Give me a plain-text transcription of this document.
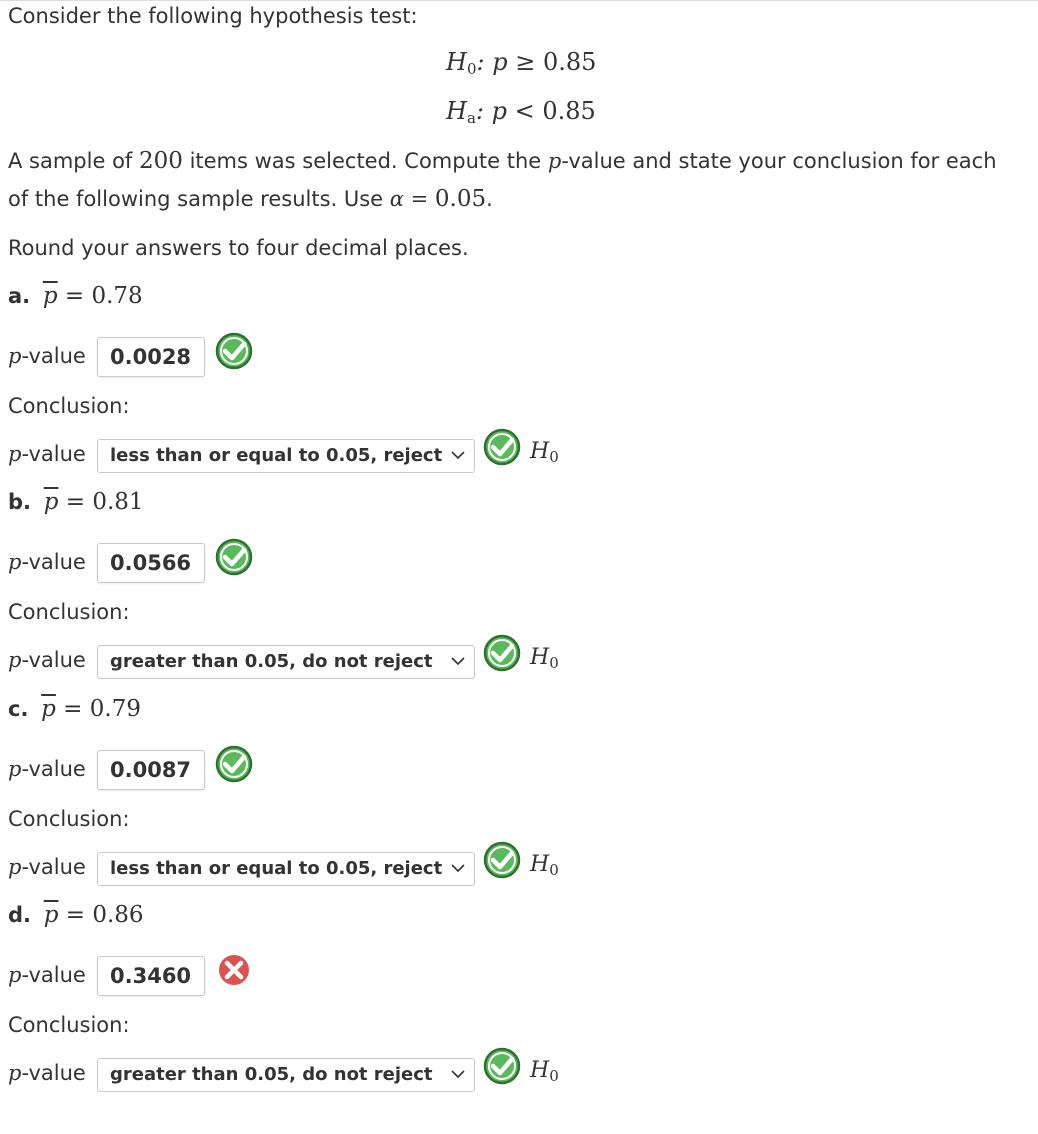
Consider the following hypothesis test:
$H_0$: p ≥ 0.85
$H_a$: p < 0.85
A sample of 200 items was selected. Compute the p-value and state your conclusion for each
of the following sample results. Use α = 0.05.
Round your answers to four decimal places.
a. $\overline{p} = 0.78$
p-value	0.0028
Conclusion:
p-value	less than or equal to 0.05, reject	$H_0$
b. $\overline{p} = 0.81$
p-value	0.0566
Conclusion:
p-value	greater than 0.05, do not reject	$H_0$
c. $\overline{p} = 0.79$
p-value	0.0087
Conclusion:
p-value	less than or equal to 0.05, reject	$H_0$
d. $\overline{p} = 0.86$
p-value	0.3460
Conclusion:
p-value	greater than 0.05, do not reject	$H_0$
